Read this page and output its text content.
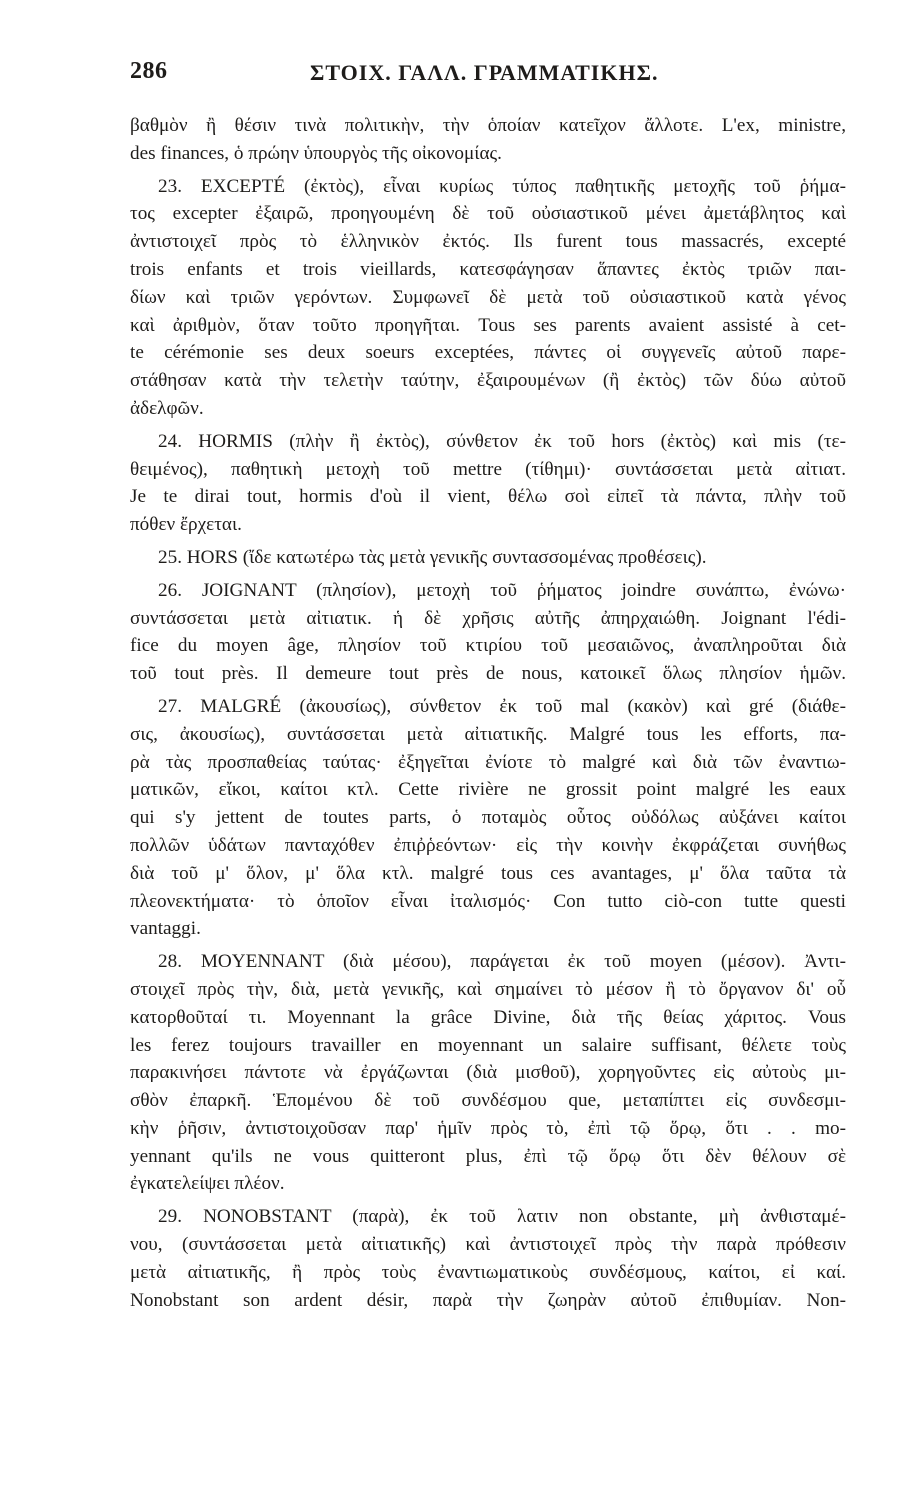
286	ΣΤΟΙΧ. ΓΑΛΛ. ΓΡΑΜΜΑΤΙΚΗΣ.
βαθμὸν ἢ θέσιν τινὰ πολιτικὴν, τὴν ὁποίαν κατεῖχον ἄλλοτε. L'ex, ministre,
des finances, ὁ πρώην ὑπουργὸς τῆς οἰκονομίας.
23. EXCEPTÉ (ἐκτὸς), εἶναι κυρίως τύπος παθητικῆς μετοχῆς τοῦ ῥήμα-
τος excepter ἐξαιρῶ, προηγουμένη δὲ τοῦ οὐσιαστικοῦ μένει ἀμετάβλητος καὶ
ἀντιστοιχεῖ πρὸς τὸ ἑλληνικὸν ἐκτός. Ils furent tous massacrés, excepté
trois enfants et trois vieillards, κατεσφάγησαν ἅπαντες ἐκτὸς τριῶν παι-
δίων καὶ τριῶν γερόντων. Συμφωνεῖ δὲ μετὰ τοῦ οὐσιαστικοῦ κατὰ γένος
καὶ ἀριθμὸν, ὅταν τοῦτο προηγῆται. Tous ses parents avaient assisté à cet-
te cérémonie ses deux soeurs exceptées, πάντες οἱ συγγενεῖς αὐτοῦ παρε-
στάθησαν κατὰ τὴν τελετὴν ταύτην, ἐξαιρουμένων (ἢ ἐκτὸς) τῶν δύω αὐτοῦ
ἀδελφῶν.
24. HORMIS (πλὴν ἢ ἐκτὸς), σύνθετον ἐκ τοῦ hors (ἐκτὸς) καὶ mis (τε-
θειμένος), παθητικὴ μετοχὴ τοῦ mettre (τίθημι)· συντάσσεται μετὰ αἰτιατ.
Je te dirai tout, hormis d'où il vient, θέλω σοὶ εἰπεῖ τὰ πάντα, πλὴν τοῦ
πόθεν ἔρχεται.
25. HORS (ἴδε κατωτέρω τὰς μετὰ γενικῆς συντασσομένας προθέσεις).
26. JOIGNANT (πλησίον), μετοχὴ τοῦ ῥήματος joindre συνάπτω, ἐνώνω·
συντάσσεται μετὰ αἰτιατικ. ἡ δὲ χρῆσις αὐτῆς ἀπηρχαιώθη. Joignant l'édi-
fice du moyen âge, πλησίον τοῦ κτιρίου τοῦ μεσαιῶνος, ἀναπληροῦται διὰ
τοῦ tout près. Il demeure tout près de nous, κατοικεῖ ὅλως πλησίον ἡμῶν.
27. MALGRÉ (ἀκουσίως), σύνθετον ἐκ τοῦ mal (κακὸν) καὶ gré (διάθε-
σις, ἀκουσίως), συντάσσεται μετὰ αἰτιατικῆς. Malgré tous les efforts, πα-
ρὰ τὰς προσπαθείας ταύτας· ἐξηγεῖται ἐνίοτε τὸ malgré καὶ διὰ τῶν ἐναντιω-
ματικῶν, εἴκοι, καίτοι κτλ. Cette rivière ne grossit point malgré les eaux
qui s'y jettent de toutes parts, ὁ ποταμὸς οὗτος οὐδόλως αὐξάνει καίτοι
πολλῶν ὑδάτων πανταχόθεν ἐπιῤῥεόντων· εἰς τὴν κοινὴν ἐκφράζεται συνήθως
διὰ τοῦ μ' ὅλον, μ' ὅλα κτλ. malgré tous ces avantages, μ' ὅλα ταῦτα τὰ
πλεονεκτήματα· τὸ ὁποῖον εἶναι ἰταλισμός· Con tutto ciò-con tutte questi
vantaggi.
28. MOYENNANT (διὰ μέσου), παράγεται ἐκ τοῦ moyen (μέσον). Ἀντι-
στοιχεῖ πρὸς τὴν, διὰ, μετὰ γενικῆς, καὶ σημαίνει τὸ μέσον ἢ τὸ ὄργανον δι' οὗ
κατορθοῦταί τι. Moyennant la grâce Divine, διὰ τῆς θείας χάριτος. Vous
les ferez toujours travailler en moyennant un salaire suffisant, θέλετε τοὺς
παρακινήσει πάντοτε νὰ ἐργάζωνται (διὰ μισθοῦ), χορηγοῦντες εἰς αὐτοὺς μι-
σθὸν ἐπαρκῆ. Ἑπομένου δὲ τοῦ συνδέσμου que, μεταπίπτει εἰς συνδεσμι-
κὴν ῥῆσιν, ἀντιστοιχοῦσαν παρ' ἡμῖν πρὸς τὸ, ἐπὶ τῷ ὅρῳ, ὅτι . . mo-
yennant qu'ils ne vous quitteront plus, ἐπὶ τῷ ὅρῳ ὅτι δὲν θέλουν σὲ
ἐγκατελείψει πλέον.
29. NONOBSTANT (παρὰ), ἐκ τοῦ λατιν non obstante, μὴ ἀνθισταμέ-
νου, (συντάσσεται μετὰ αἰτιατικῆς) καὶ ἀντιστοιχεῖ πρὸς τὴν παρὰ πρόθεσιν
μετὰ αἰτιατικῆς, ἢ πρὸς τοὺς ἐναντιωματικοὺς συνδέσμους, καίτοι, εἰ καί.
Nonobstant son ardent désir, παρὰ τὴν ζωηρὰν αὐτοῦ ἐπιθυμίαν. Non-
